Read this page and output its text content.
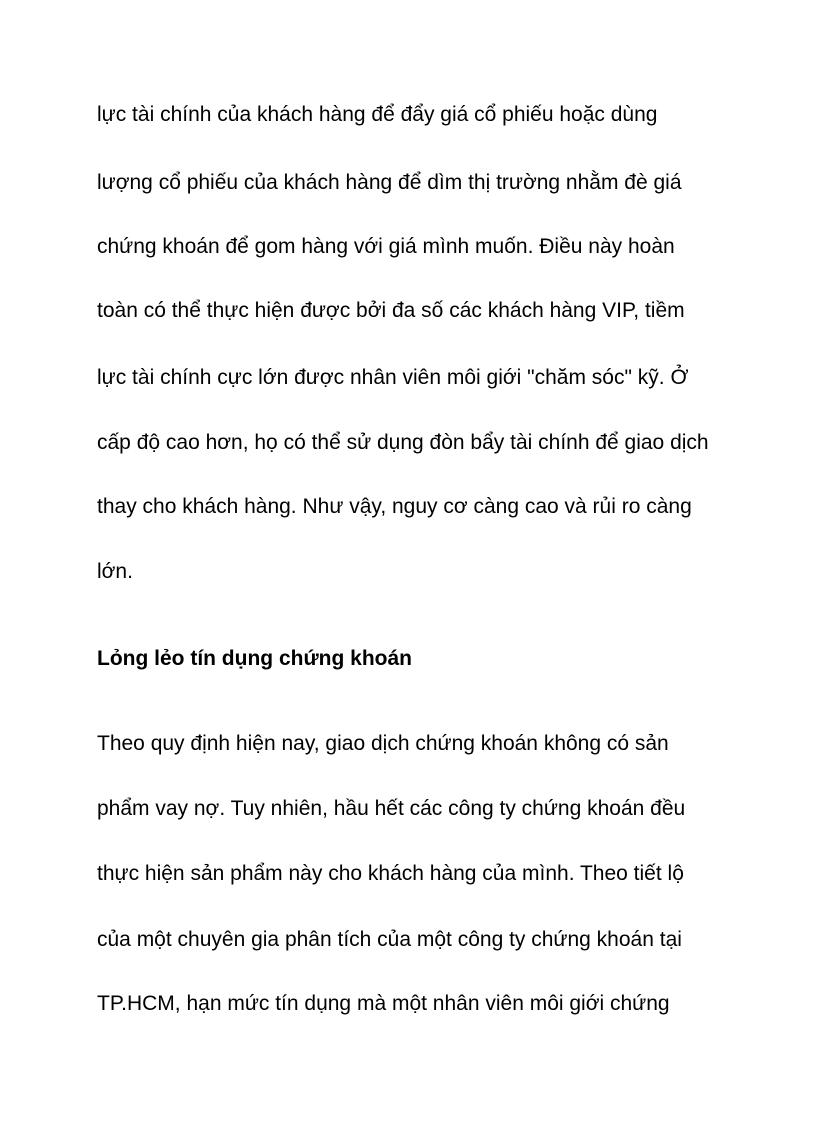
lực tài chính của khách hàng để đẩy giá cổ phiếu hoặc dùng

lượng cổ phiếu của khách hàng để dìm thị trường nhằm đè giá

chứng khoán để gom hàng với giá mình muốn. Điều này hoàn

toàn có thể thực hiện được bởi đa số các khách hàng VIP, tiềm

lực tài chính cực lớn được nhân viên môi giới "chăm sóc" kỹ. Ở

cấp độ cao hơn, họ có thể sử dụng đòn bẩy tài chính để giao dịch

thay cho khách hàng. Như vậy, nguy cơ càng cao và rủi ro càng

lớn.

Lỏng lẻo tín dụng chứng khoán

Theo quy định hiện nay, giao dịch chứng khoán không có sản

phẩm vay nợ. Tuy nhiên, hầu hết các công ty chứng khoán đều

thực hiện sản phẩm này cho khách hàng của mình. Theo tiết lộ

của một chuyên gia phân tích của một công ty chứng khoán tại

TP.HCM, hạn mức tín dụng mà một nhân viên môi giới chứng
